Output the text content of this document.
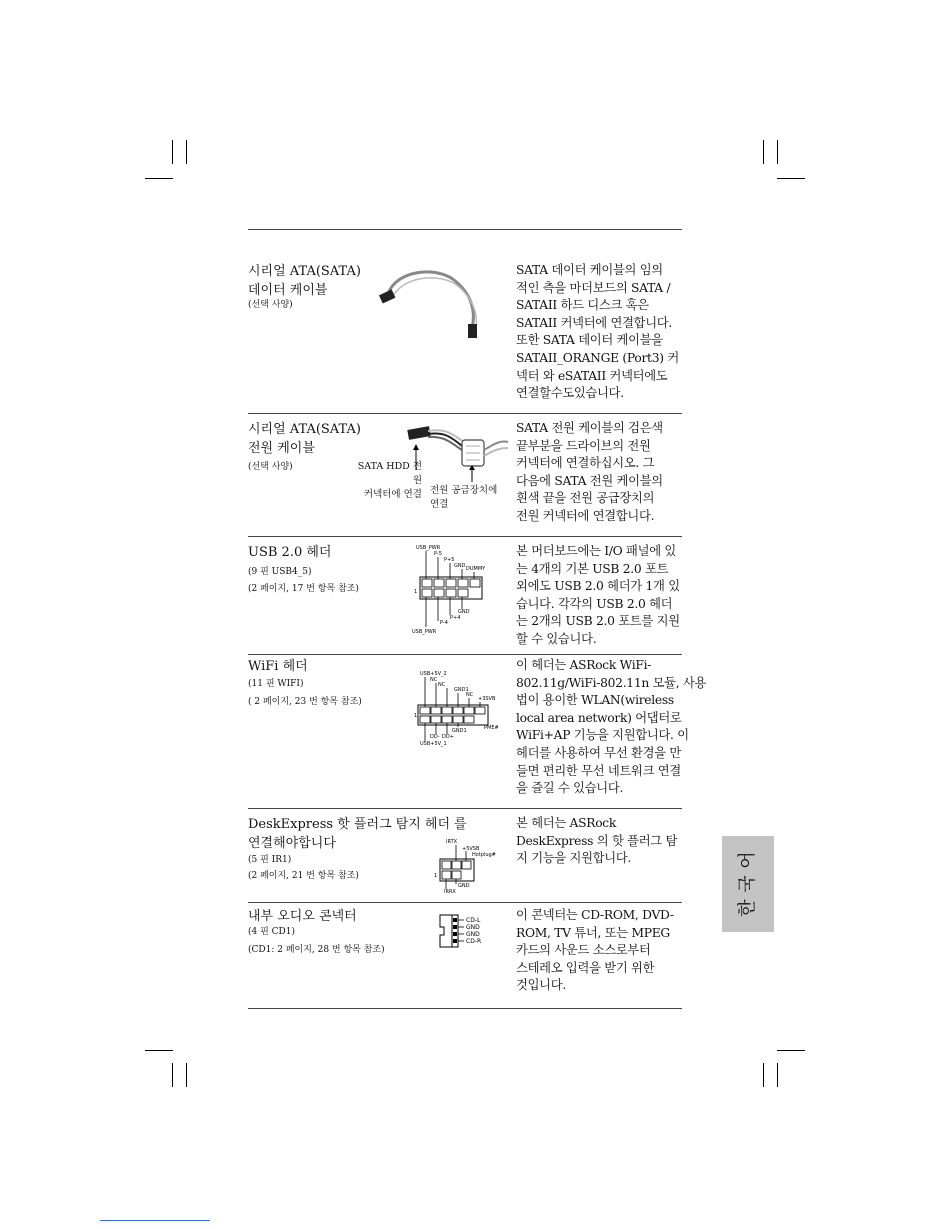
시리얼 ATA(SATA)
데이터 케이블
(선택 사양)
SATA 데이터 케이블의 임의
적인 측을 마더보드의 SATA /
SATAII 하드 디스크 혹은
SATAII 커넥터에 연결합니다.
또한 SATA 데이터 케이블을
SATAII_ORANGE (Port3) 커
넥터 와 eSATAII 커넥터에도
연결할수도있습니다.
시리얼 ATA(SATA)
전원 케이블
(선택 사양)	SATA HDD 전원
커넥터에 연결 전원 공급장치에
연결
SATA 전원 케이블의 검은색
끝부분을 드라이브의 전원
커넥터에 연결하십시오. 그
다음에 SATA 전원 케이블의
흰색 끝을 전원 공급장치의
전원 커넥터에 연결합니다.
USB 2.0 헤더
(9 핀 USB4_5)
(2 페이지, 17 번 항목 참조)
USB_PWR
P-5
P+5
GND DUMMY
GND
P+4
P-4
USB_PWR
1
본 머더보드에는 I/O 패널에 있
는 4개의 기본 USB 2.0 포트
외에도 USB 2.0 헤더가 1개 있
습니다. 각각의 USB 2.0 헤더
는 2개의 USB 2.0 포트를 지원
할 수 있습니다.
WiFi 헤더
(11 핀 WIFI)
( 2 페이지, 23 번 항목 참조)
USB+5V_2
NC
NC
GND1
NC
+3SVB
GND1	PME#
DD- DD+
USB+5V_1
1
이 헤더는 ASRock WiFi-
802.11g/WiFi-802.11n 모듈, 사용
법이 용이한 WLAN(wireless
local area network) 어댑터로
WiFi+AP 기능을 지원합니다. 이
헤더를 사용하여 무선 환경을 만
들면 편리한 무선 네트워크 연결
을 즐길 수 있습니다.
DeskExpress 핫 플러그 탐지 헤더 를
연결해야합니다
(5 핀 IR1)
(2 페이지, 21 번 항목 참조)
IRTX
+5VSB
Hotplug#
GND
IRRX
1
본 헤더는 ASRock
DeskExpress 의 핫 플러그 탐
지 기능을 지원합니다.
내부 오디오 콘넥터
(4 핀 CD1)
(CD1: 2 페이지, 28 번 항목 참조)
CD-L
GND
GND
CD-R
이 콘넥터는 CD-ROM, DVD-
ROM, TV 튜너, 또는 MPEG
카드의 사운드 소스로부터
스테레오 입력을 받기 위한
것입니다.
어
국
한
